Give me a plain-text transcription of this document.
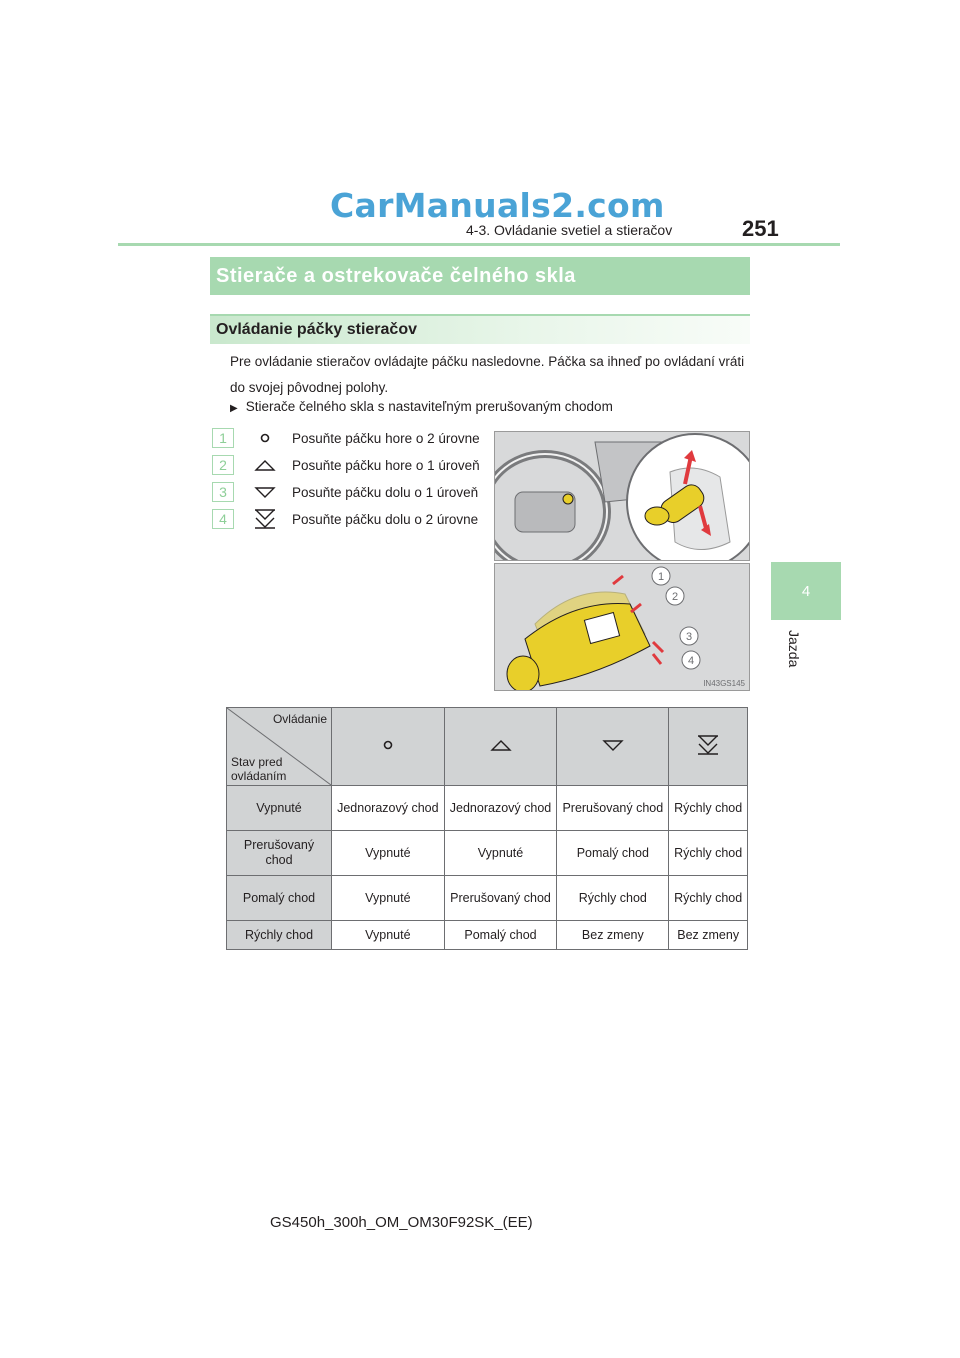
CarManuals2.com
4-3. Ovládanie svetiel a stieračov	251
4
Jazda
Stierače a ostrekovače čelného skla
Ovládanie páčky stieračov
Pre ovládanie stieračov ovládajte páčku nasledovne. Páčka sa ihneď po ovládaní vráti do svojej pôvodnej polohy.
▶ Stierače čelného skla s nastaviteľným prerušovaným chodom
1	Posuňte páčku hore o 2 úrovne
2	Posuňte páčku hore o 1 úroveň
3	Posuňte páčku dolu o 1 úroveň
4	Posuňte páčku dolu o 2 úrovne
1
2
3
4
IN43GS145
Ovládanie
Stav pred ovládaním

Vypnuté	Jednorazový chod	Jednorazový chod	Prerušovaný chod	Rýchly chod
Prerušovaný chod	Vypnuté	Vypnuté	Pomalý chod	Rýchly chod
Pomalý chod	Vypnuté	Prerušovaný chod	Rýchly chod	Rýchly chod
Rýchly chod	Vypnuté	Pomalý chod	Bez zmeny	Bez zmeny
GS450h_300h_OM_OM30F92SK_(EE)
